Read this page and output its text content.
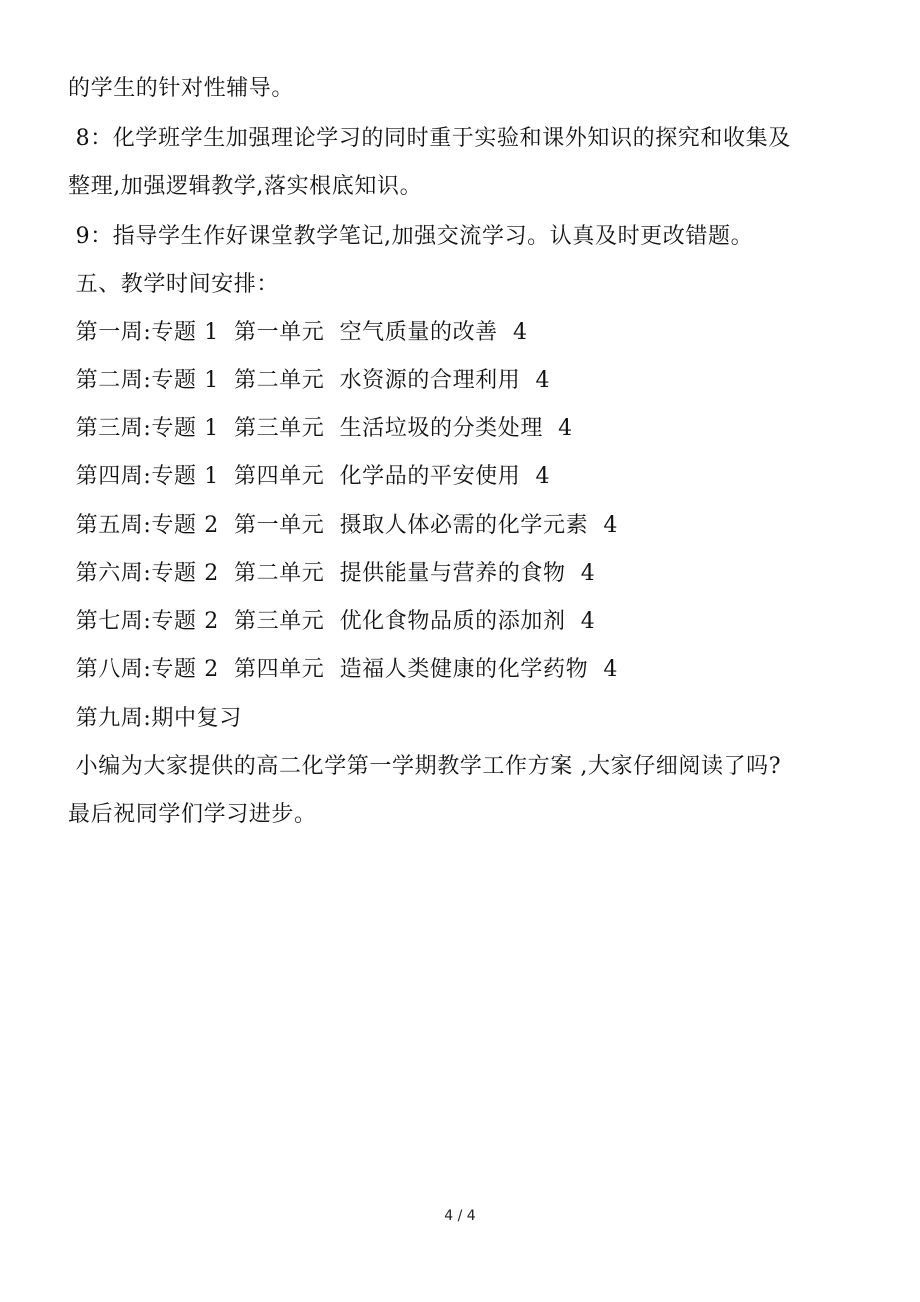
的学生的针对性辅导。
8：化学班学生加强理论学习的同时重于实验和课外知识的探究和收集及
整理,加强逻辑教学,落实根底知识。
9：指导学生作好课堂教学笔记,加强交流学习。认真及时更改错题。
五、教学时间安排：
第一周:专题 1  第一单元  空气质量的改善  4
第二周:专题 1  第二单元  水资源的合理利用  4
第三周:专题 1  第三单元  生活垃圾的分类处理  4
第四周:专题 1  第四单元  化学品的平安使用  4
第五周:专题 2  第一单元  摄取人体必需的化学元素  4
第六周:专题 2  第二单元  提供能量与营养的食物  4
第七周:专题 2  第三单元  优化食物品质的添加剂  4
第八周:专题 2  第四单元  造福人类健康的化学药物  4
第九周:期中复习
小编为大家提供的高二化学第一学期教学工作方案 ,大家仔细阅读了吗?
最后祝同学们学习进步。
4 / 4
